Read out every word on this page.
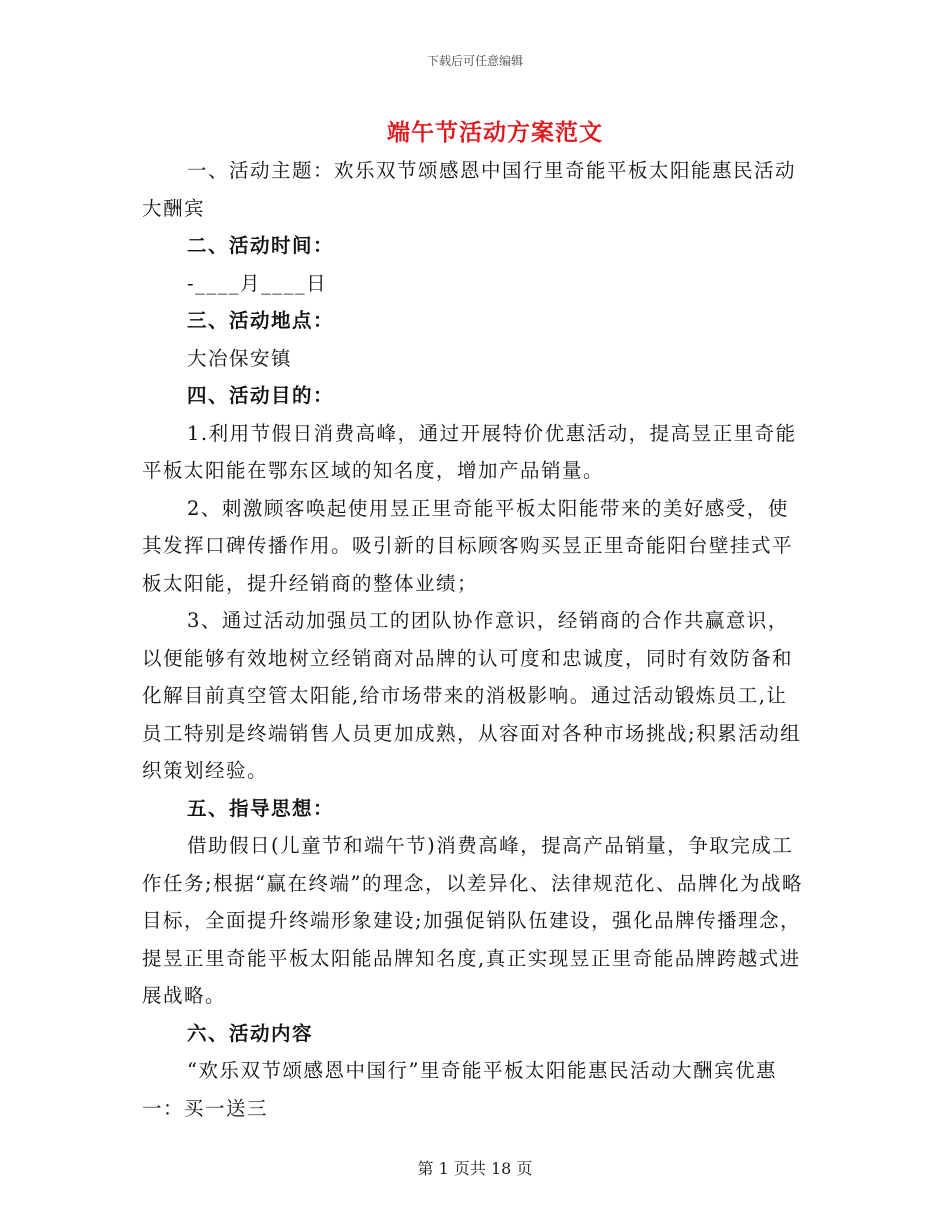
下载后可任意编辑
端午节活动方案范文

一、活动主题：欢乐双节颂感恩中国行里奇能平板太阳能惠民活动大酬宾

二、活动时间：

-____月____日

三、活动地点：

大冶保安镇

四、活动目的：

1.利用节假日消费高峰，通过开展特价优惠活动，提高昱正里奇能平板太阳能在鄂东区域的知名度，增加产品销量。

2、刺激顾客唤起使用昱正里奇能平板太阳能带来的美好感受，使其发挥口碑传播作用。吸引新的目标顾客购买昱正里奇能阳台壁挂式平板太阳能，提升经销商的整体业绩；

3、通过活动加强员工的团队协作意识，经销商的合作共赢意识，以便能够有效地树立经销商对品牌的认可度和忠诚度，同时有效防备和化解目前真空管太阳能,给市场带来的消极影响。通过活动锻炼员工,让员工特别是终端销售人员更加成熟，从容面对各种市场挑战;积累活动组织策划经验。

五、指导思想：

借助假日(儿童节和端午节)消费高峰，提高产品销量，争取完成工作任务;根据“赢在终端”的理念，以差异化、法律规范化、品牌化为战略目标，全面提升终端形象建设;加强促销队伍建设，强化品牌传播理念，提昱正里奇能平板太阳能品牌知名度,真正实现昱正里奇能品牌跨越式进展战略。

六、活动内容

“欢乐双节颂感恩中国行”里奇能平板太阳能惠民活动大酬宾优惠一：买一送三

第 1 页共 18 页
